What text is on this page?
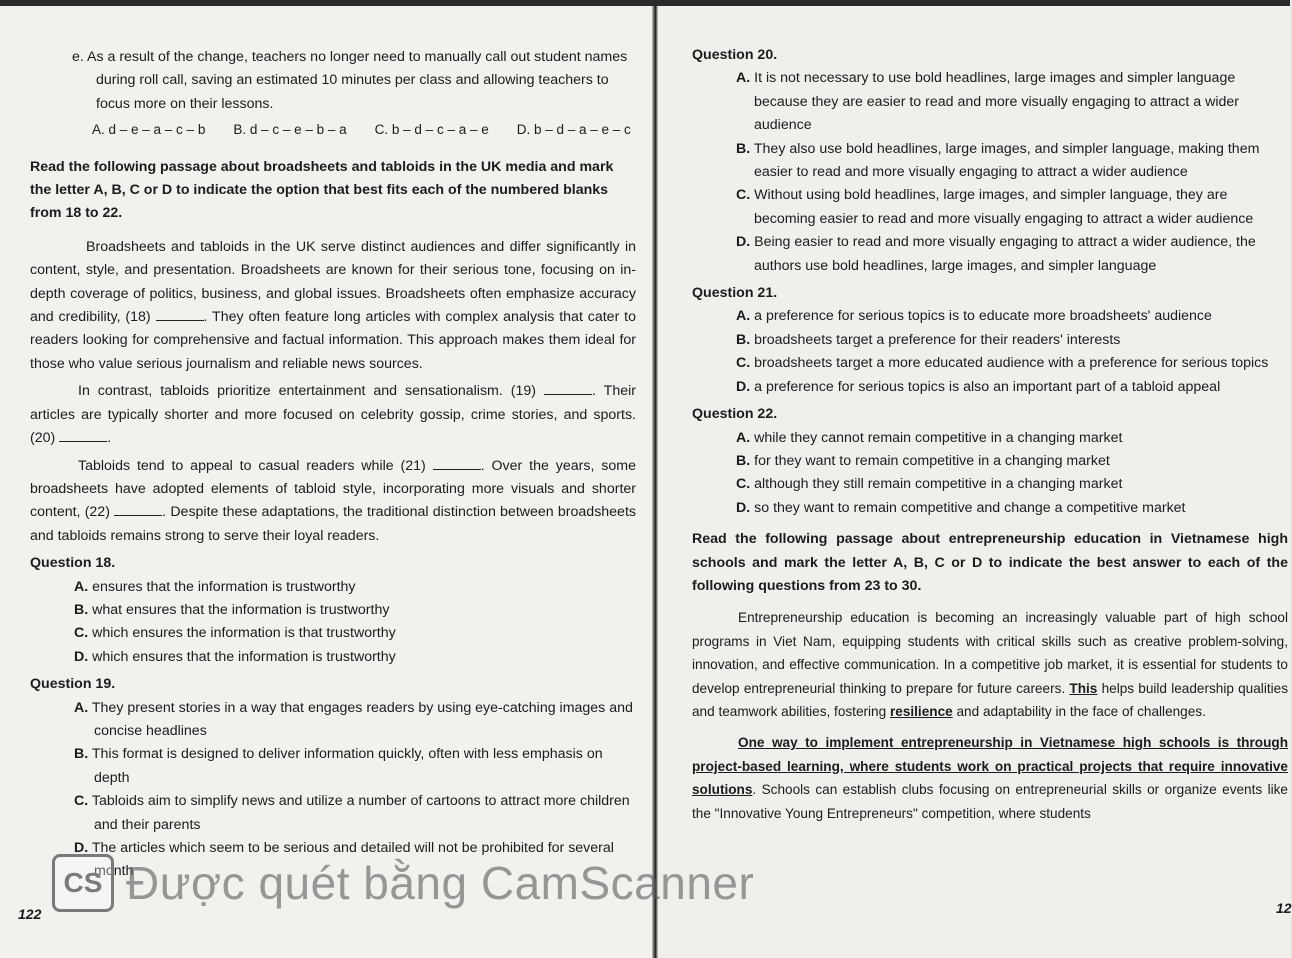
e. As a result of the change, teachers no longer need to manually call out student names during roll call, saving an estimated 10 minutes per class and allowing teachers to focus more on their lessons.

A. d – e – a – c – b B. d – c – e – b – a C. b – d – c – a – e D. b – d – a – e – c

Read the following passage about broadsheets and tabloids in the UK media and mark the letter A, B, C or D to indicate the option that best fits each of the numbered blanks from 18 to 22.

Broadsheets and tabloids in the UK serve distinct audiences and differ significantly in content, style, and presentation. Broadsheets are known for their serious tone, focusing on in-depth coverage of politics, business, and global issues. Broadsheets often emphasize accuracy and credibility, (18)	. They often feature long articles with complex analysis that cater to readers looking for comprehensive and factual information. This approach makes them ideal for those who value serious journalism and reliable news sources.

In contrast, tabloids prioritize entertainment and sensationalism. (19)	. Their articles are typically shorter and more focused on celebrity gossip, crime stories, and sports. (20)	.

Tabloids tend to appeal to casual readers while (21)	. Over the years, some broadsheets have adopted elements of tabloid style, incorporating more visuals and shorter content, (22)	. Despite these adaptations, the traditional distinction between broadsheets and tabloids remains strong to serve their loyal readers.

Question 18.

A. ensures that the information is trustworthy

B. what ensures that the information is trustworthy

C. which ensures the information is that trustworthy

D. which ensures that the information is trustworthy

Question 19.

A. They present stories in a way that engages readers by using eye-catching images and concise headlines

B. This format is designed to deliver information quickly, often with less emphasis on depth

C. Tabloids aim to simplify news and utilize a number of cartoons to attract more children and their parents

D. The articles which seem to be serious and detailed will not be prohibited for several month

122

Question 20.

A. It is not necessary to use bold headlines, large images and simpler language because they are easier to read and more visually engaging to attract a wider audience

B. They also use bold headlines, large images, and simpler language, making them easier to read and more visually engaging to attract a wider audience

C. Without using bold headlines, large images, and simpler language, they are becoming easier to read and more visually engaging to attract a wider audience

D. Being easier to read and more visually engaging to attract a wider audience, the authors use bold headlines, large images, and simpler language

Question 21.

A. a preference for serious topics is to educate more broadsheets' audience

B. broadsheets target a preference for their readers' interests

C. broadsheets target a more educated audience with a preference for serious topics

D. a preference for serious topics is also an important part of a tabloid appeal

Question 22.

A. while they cannot remain competitive in a changing market

B. for they want to remain competitive in a changing market

C. although they still remain competitive in a changing market

D. so they want to remain competitive and change a competitive market

Read the following passage about entrepreneurship education in Vietnamese high schools and mark the letter A, B, C or D to indicate the best answer to each of the following questions from 23 to 30.

Entrepreneurship education is becoming an increasingly valuable part of high school programs in Viet Nam, equipping students with critical skills such as creative problem-solving, innovation, and effective communication. In a competitive job market, it is essential for students to develop entrepreneurial thinking to prepare for future careers. This helps build leadership qualities and teamwork abilities, fostering resilience and adaptability in the face of challenges.

One way to implement entrepreneurship in Vietnamese high schools is through project-based learning, where students work on practical projects that require innovative solutions. Schools can establish clubs focusing on entrepreneurial skills or organize events like the "Innovative Young Entrepreneurs" competition, where students

12
CS Được quét bằng CamScanner
